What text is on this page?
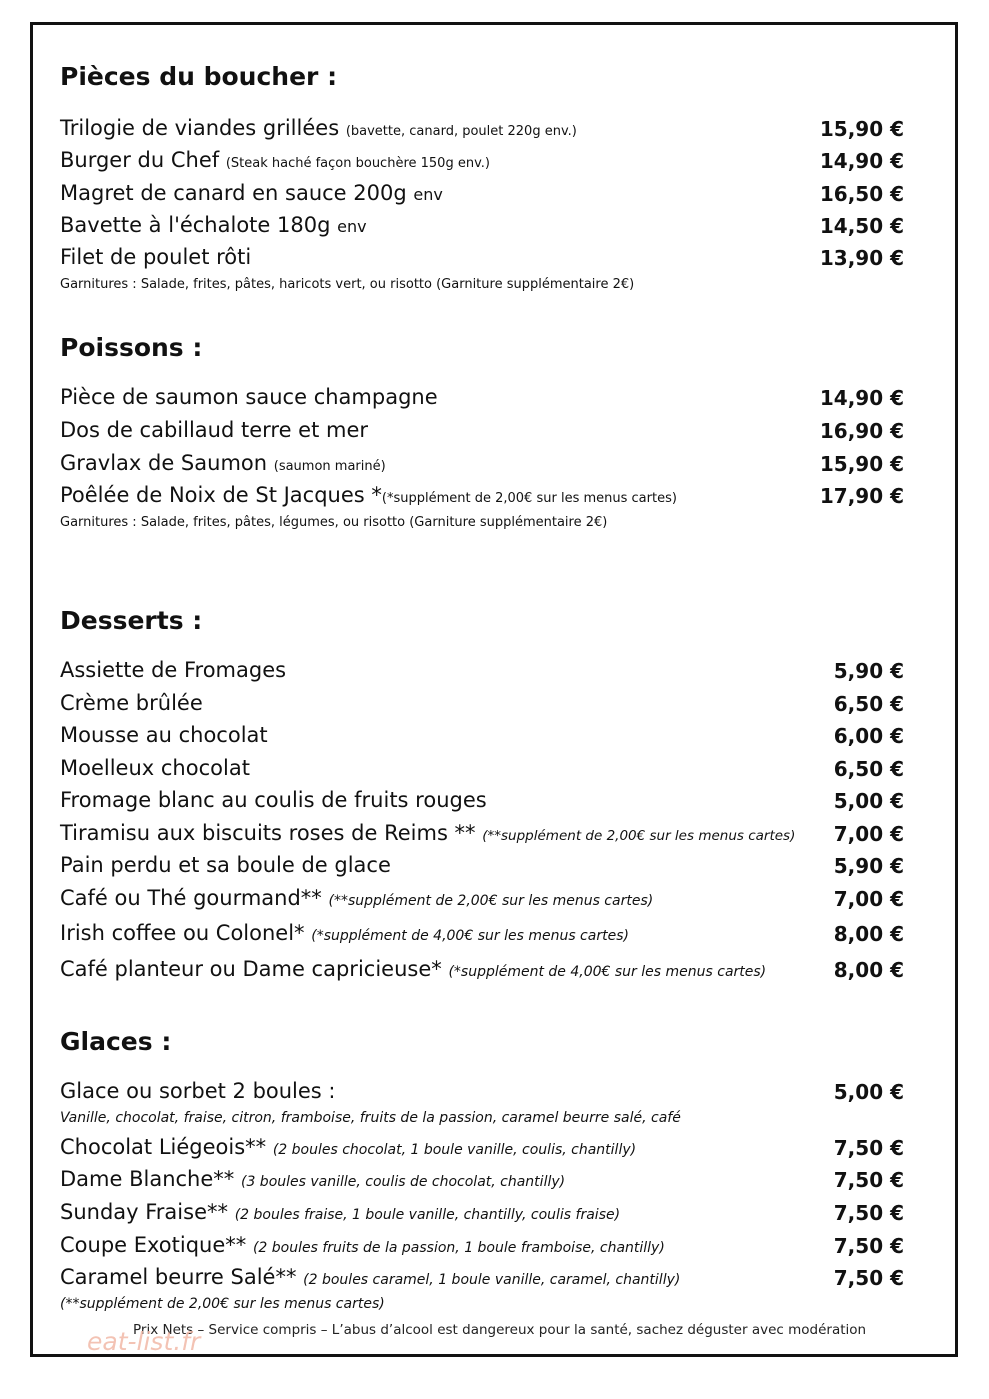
Pièces du boucher :
Trilogie de viandes grillées (bavette, canard, poulet 220g env.)	15,90 €
Burger du Chef (Steak haché façon bouchère 150g env.)	14,90 €
Magret de canard en sauce 200g env	16,50 €
Bavette à l'échalote 180g env	14,50 €
Filet de poulet rôti	13,90 €
Garnitures : Salade, frites, pâtes, haricots vert, ou risotto (Garniture supplémentaire 2€)
Poissons :
Pièce de saumon sauce champagne	14,90 €
Dos de cabillaud terre et mer	16,90 €
Gravlax de Saumon (saumon mariné)	15,90 €
Poêlée de Noix de St Jacques *(*supplément de 2,00€ sur les menus cartes)	17,90 €
Garnitures : Salade, frites, pâtes, légumes, ou risotto (Garniture supplémentaire 2€)
Desserts :
Assiette de Fromages	5,90 €
Crème brûlée	6,50 €
Mousse au chocolat	6,00 €
Moelleux chocolat	6,50 €
Fromage blanc au coulis de fruits rouges	5,00 €
Tiramisu aux biscuits roses de Reims ** (**supplément de 2,00€ sur les menus cartes) 7,00 €
Pain perdu et sa boule de glace	5,90 €
Café ou Thé gourmand** (**supplément de 2,00€ sur les menus cartes)	7,00 €
Irish coffee ou Colonel* (*supplément de 4,00€ sur les menus cartes)	8,00 €
Café planteur ou Dame capricieuse* (*supplément de 4,00€ sur les menus cartes)	8,00 €
Glaces :
Glace ou sorbet 2 boules :	5,00 €
Vanille, chocolat, fraise, citron, framboise, fruits de la passion, caramel beurre salé, café
Chocolat Liégeois** (2 boules chocolat, 1 boule vanille, coulis, chantilly)	7,50 €
Dame Blanche** (3 boules vanille, coulis de chocolat, chantilly)	7,50 €
Sunday Fraise** (2 boules fraise, 1 boule vanille, chantilly, coulis fraise)	7,50 €
Coupe Exotique** (2 boules fruits de la passion, 1 boule framboise, chantilly)	7,50 €
Caramel beurre Salé** (2 boules caramel, 1 boule vanille, caramel, chantilly)	7,50 €
(**supplément de 2,00€ sur les menus cartes)
Prix Nets – Service compris – L’abus d’alcool est dangereux pour la santé, sachez déguster avec modération
eat-list.fr
